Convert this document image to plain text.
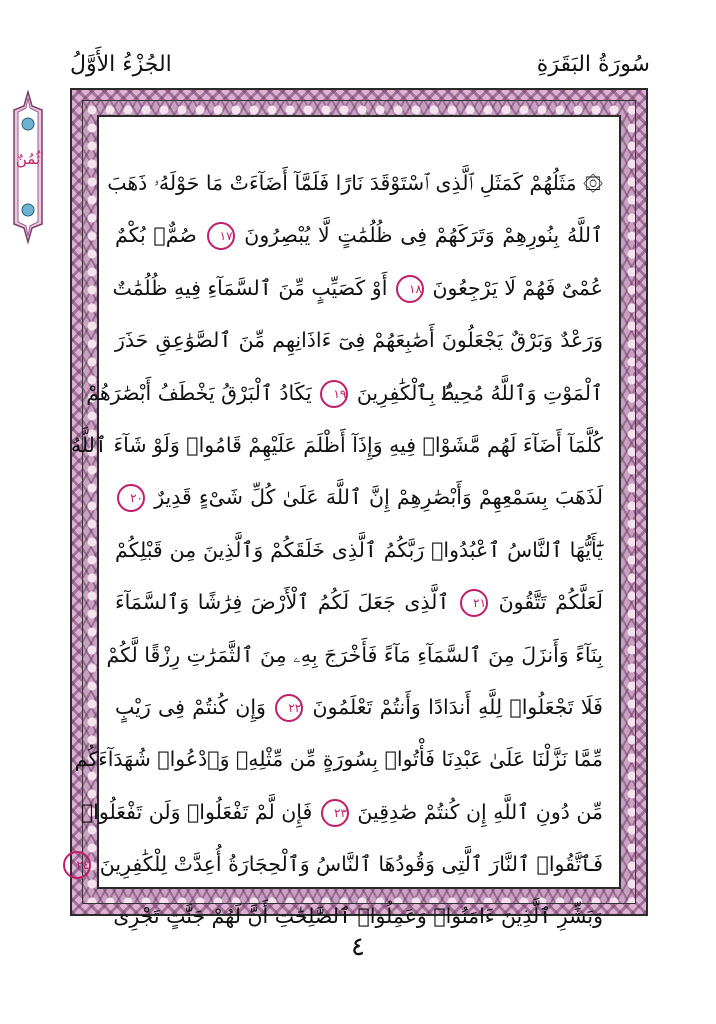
سُورَةُ البَقَرَةِ
الجُزْءُ الأَوَّلُ
ثُمُنٌ
۞ مَثَلُهُمْ كَمَثَلِ ٱلَّذِى ٱسْتَوْقَدَ نَارًا فَلَمَّآ أَضَآءَتْ مَا حَوْلَهُۥ ذَهَبَ
ٱللَّهُ بِنُورِهِمْ وَتَرَكَهُمْ فِى ظُلُمَٰتٍ لَّا يُبْصِرُونَ ١٧ صُمٌّۢ بُكْمٌ
عُمْىٌ فَهُمْ لَا يَرْجِعُونَ ١٨ أَوْ كَصَيِّبٍ مِّنَ ٱلسَّمَآءِ فِيهِ ظُلُمَٰتٌ
وَرَعْدٌ وَبَرْقٌ يَجْعَلُونَ أَصَٰبِعَهُمْ فِىٓ ءَاذَانِهِم مِّنَ ٱلصَّوَٰعِقِ حَذَرَ
ٱلْمَوْتِ وَٱللَّهُ مُحِيطٌۢ بِٱلْكَٰفِرِينَ ١٩ يَكَادُ ٱلْبَرْقُ يَخْطَفُ أَبْصَٰرَهُمْ
كُلَّمَآ أَضَآءَ لَهُم مَّشَوْا۟ فِيهِ وَإِذَآ أَظْلَمَ عَلَيْهِمْ قَامُوا۟ وَلَوْ شَآءَ ٱللَّهُ
لَذَهَبَ بِسَمْعِهِمْ وَأَبْصَٰرِهِمْ إِنَّ ٱللَّهَ عَلَىٰ كُلِّ شَىْءٍ قَدِيرٌ ٢٠
يَٰٓأَيُّهَا ٱلنَّاسُ ٱعْبُدُوا۟ رَبَّكُمُ ٱلَّذِى خَلَقَكُمْ وَٱلَّذِينَ مِن قَبْلِكُمْ
لَعَلَّكُمْ تَتَّقُونَ ٢١ ٱلَّذِى جَعَلَ لَكُمُ ٱلْأَرْضَ فِرَٰشًا وَٱلسَّمَآءَ
بِنَآءً وَأَنزَلَ مِنَ ٱلسَّمَآءِ مَآءً فَأَخْرَجَ بِهِۦ مِنَ ٱلثَّمَرَٰتِ رِزْقًا لَّكُمْ
فَلَا تَجْعَلُوا۟ لِلَّهِ أَندَادًا وَأَنتُمْ تَعْلَمُونَ ٢٢ وَإِن كُنتُمْ فِى رَيْبٍ
مِّمَّا نَزَّلْنَا عَلَىٰ عَبْدِنَا فَأْتُوا۟ بِسُورَةٍ مِّن مِّثْلِهِۦ وَٱدْعُوا۟ شُهَدَآءَكُم
مِّن دُونِ ٱللَّهِ إِن كُنتُمْ صَٰدِقِينَ ٢٣ فَإِن لَّمْ تَفْعَلُوا۟ وَلَن تَفْعَلُوا۟
فَٱتَّقُوا۟ ٱلنَّارَ ٱلَّتِى وَقُودُهَا ٱلنَّاسُ وَٱلْحِجَارَةُ أُعِدَّتْ لِلْكَٰفِرِينَ ٢٤
وَبَشِّرِ ٱلَّذِينَ ءَامَنُوا۟ وَعَمِلُوا۟ ٱلصَّٰلِحَٰتِ أَنَّ لَهُمْ جَنَّٰتٍ تَجْرِى
٤
